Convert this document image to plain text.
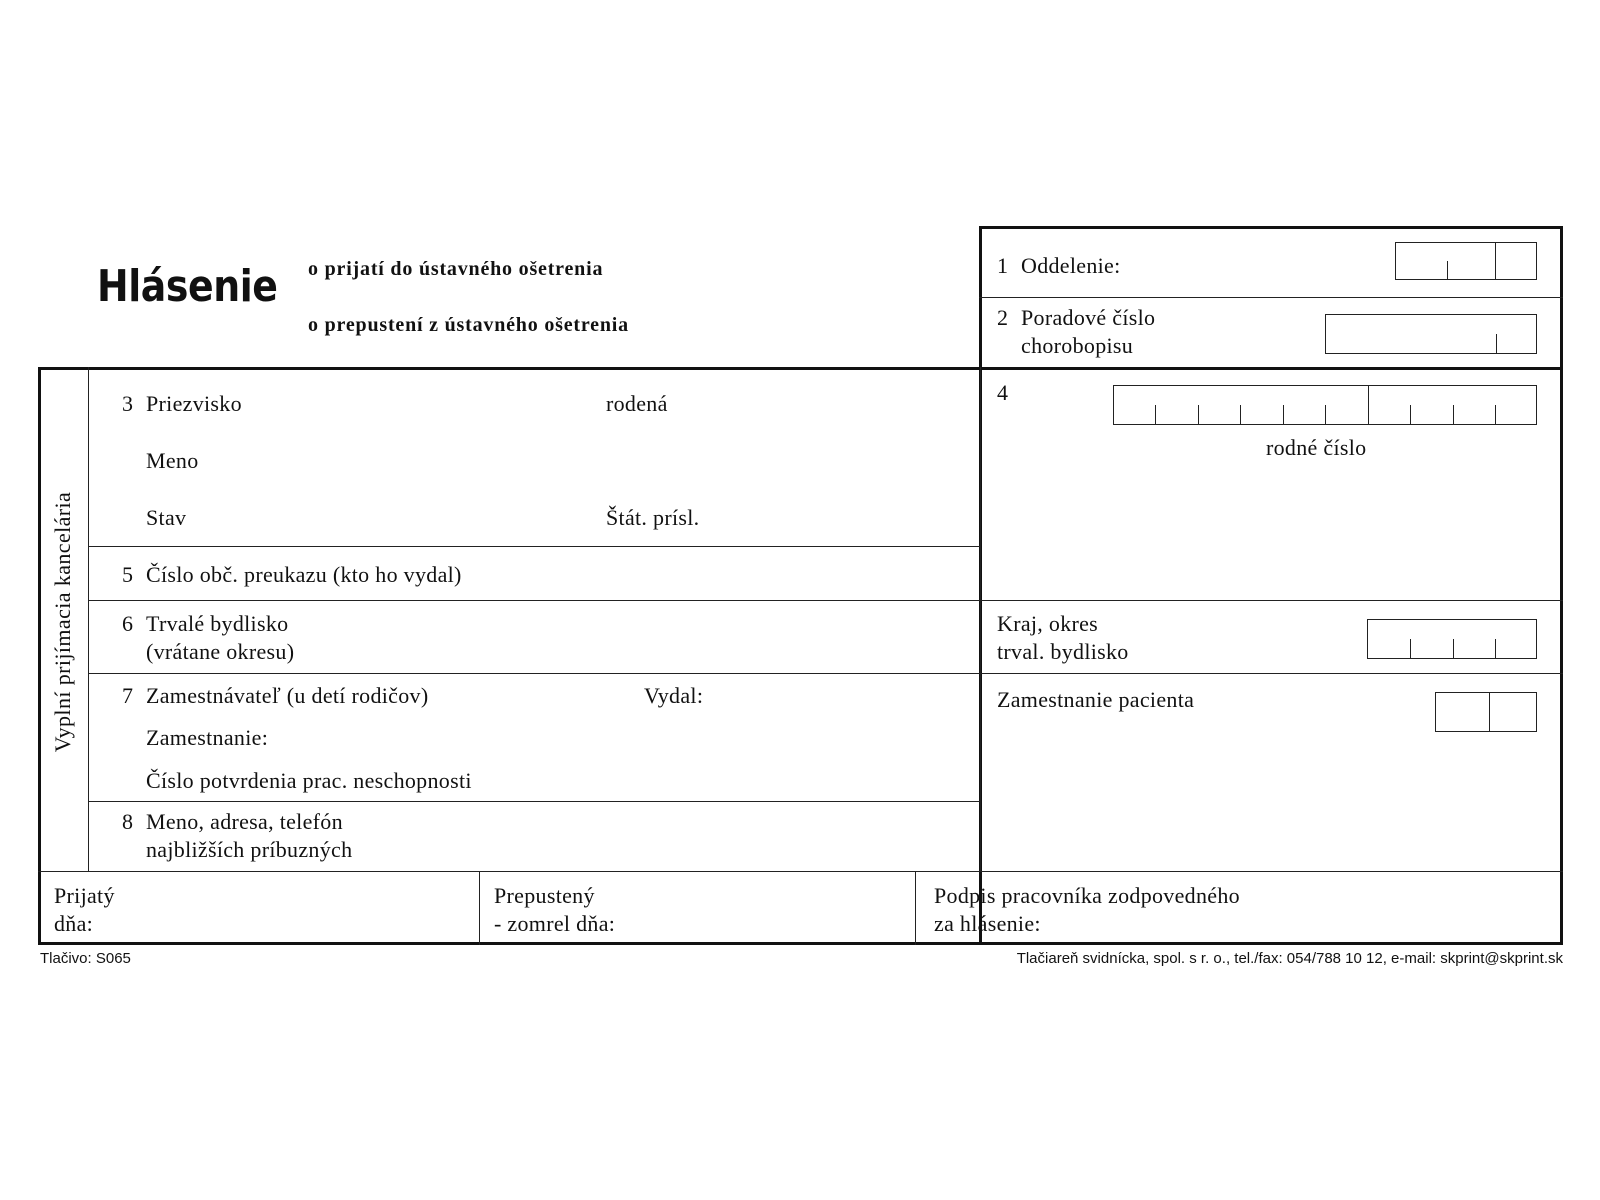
Hlásenie o prijatí do ústavného ošetrenia
o prepustení z ústavného ošetrenia
Vyplní prijímacia kancelária
1 Oddelenie:
2 Poradové číslo
chorobopisu
4
rodné číslo
Kraj, okres
trval. bydlisko
Zamestnanie pacienta
3 Priezvisko	rodená
Meno
Stav	Štát. prísl.
5 Číslo obč. preukazu (kto ho vydal)
6 Trvalé bydlisko
(vrátane okresu)
7 Zamestnávateľ (u detí rodičov)	Vydal:
Zamestnanie:
Číslo potvrdenia prac. neschopnosti
8 Meno, adresa, telefón
najbližších príbuzných
Prijatý
dňa:
Prepustený
- zomrel dňa:
Podpis pracovníka zodpovedného
za hlásenie:
Tlačivo: S065	Tlačiareň svidnícka, spol. s r. o., tel./fax: 054/788 10 12, e-mail: skprint@skprint.sk
